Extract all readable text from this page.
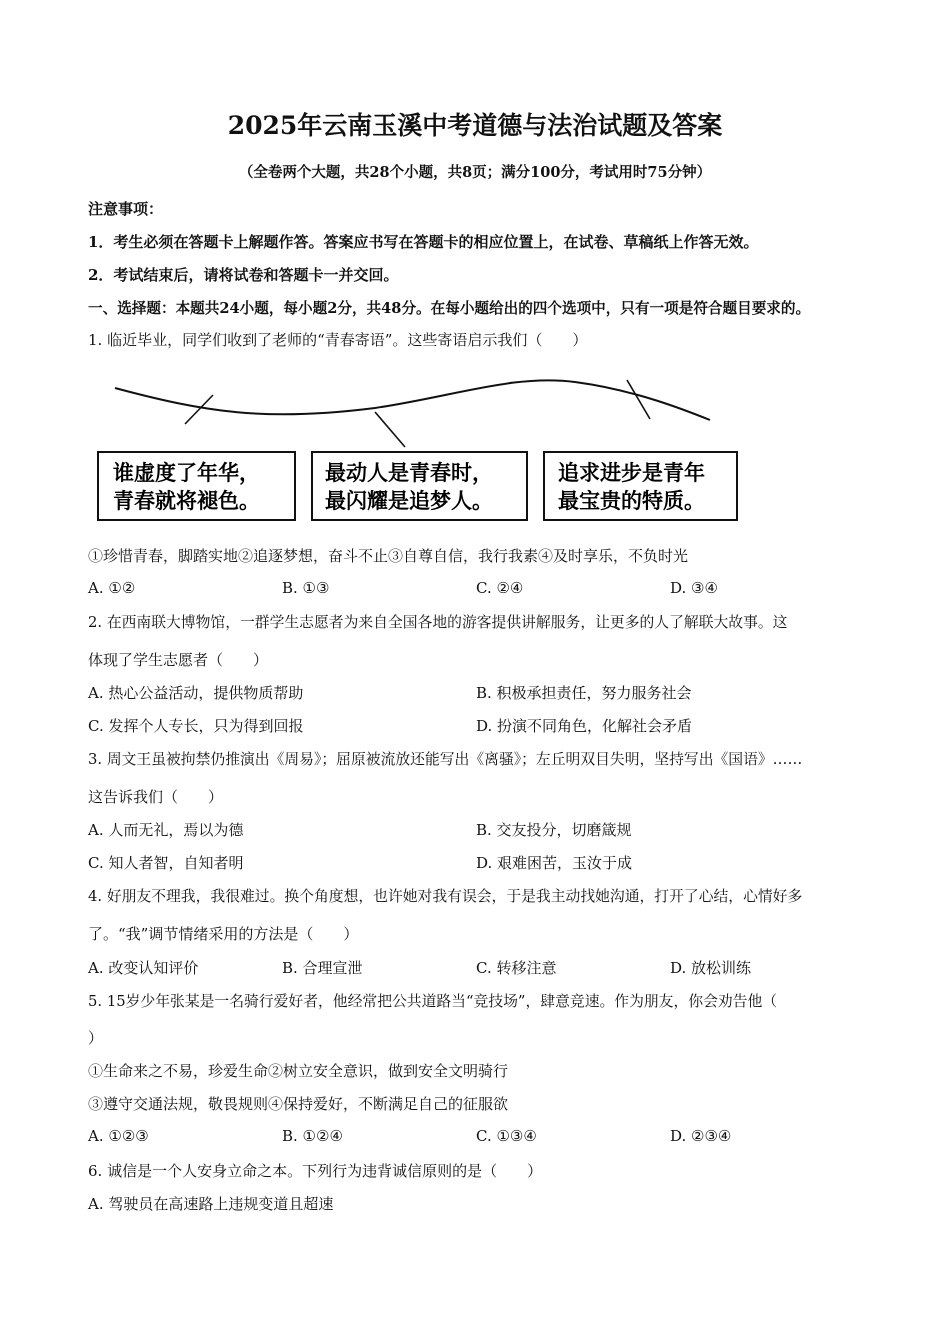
2025年云南玉溪中考道德与法治试题及答案
（全卷两个大题，共28个小题，共8页；满分100分，考试用时75分钟）
注意事项：
1．考生必须在答题卡上解题作答。答案应书写在答题卡的相应位置上，在试卷、草稿纸上作答无效。
2．考试结束后，请将试卷和答题卡一并交回。
一、选择题：本题共24小题，每小题2分，共48分。在每小题给出的四个选项中，只有一项是符合题目要求的。
1. 临近毕业，同学们收到了老师的“青春寄语”。这些寄语启示我们（　　）
谁虚度了年华，
青春就将褪色。
最动人是青春时，
最闪耀是追梦人。
追求进步是青年
最宝贵的特质。
①珍惜青春，脚踏实地②追逐梦想，奋斗不止③自尊自信，我行我素④及时享乐，不负时光
A. ①②	B. ①③	C. ②④	D. ③④
2. 在西南联大博物馆，一群学生志愿者为来自全国各地的游客提供讲解服务，让更多的人了解联大故事。这
体现了学生志愿者（　　）
A. 热心公益活动，提供物质帮助	B. 积极承担责任，努力服务社会
C. 发挥个人专长，只为得到回报	D. 扮演不同角色，化解社会矛盾
3. 周文王虽被拘禁仍推演出《周易》；屈原被流放还能写出《离骚》；左丘明双目失明，坚持写出《国语》……
这告诉我们（　　）
A. 人而无礼，焉以为德	B. 交友投分，切磨箴规
C. 知人者智，自知者明	D. 艰难困苦，玉汝于成
4. 好朋友不理我，我很难过。换个角度想，也许她对我有误会，于是我主动找她沟通，打开了心结，心情好多
了。“我”调节情绪采用的方法是（　　）
A. 改变认知评价	B. 合理宣泄	C. 转移注意	D. 放松训练
5. 15岁少年张某是一名骑行爱好者，他经常把公共道路当“竞技场”，肆意竞速。作为朋友，你会劝告他（
）
①生命来之不易，珍爱生命②树立安全意识，做到安全文明骑行
③遵守交通法规，敬畏规则④保持爱好，不断满足自己的征服欲
A. ①②③	B. ①②④	C. ①③④	D. ②③④
6. 诚信是一个人安身立命之本。下列行为违背诚信原则的是（　　）
A. 驾驶员在高速路上违规变道且超速
